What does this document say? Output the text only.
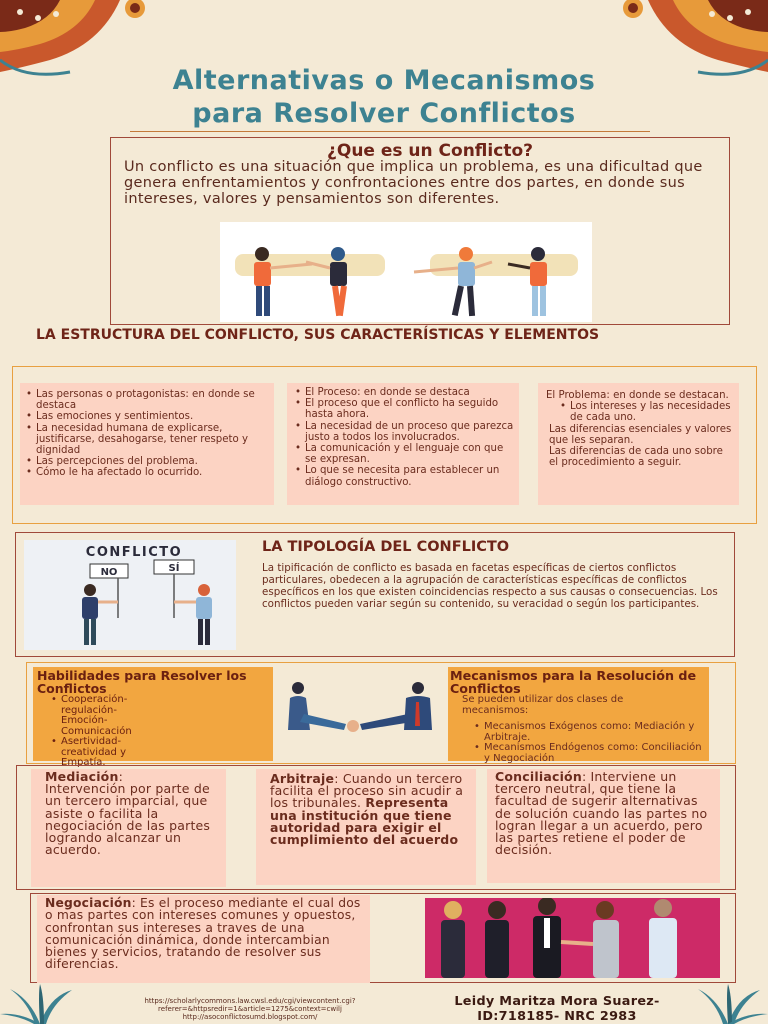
Alternativas o Mecanismos
para Resolver Conflictos
¿Que es un Conflicto?
Un conflicto es una situación que implica un problema, es una dificultad que genera enfrentamientos y confrontaciones entre dos partes, en donde sus intereses, valores y pensamientos son diferentes.
LA ESTRUCTURA DEL CONFLICTO, SUS CARACTERÍSTICAS Y ELEMENTOS
• Las personas o protagonistas: en donde se destaca
• Las emociones y sentimientos.
• La necesidad humana de explicarse, justificarse, desahogarse, tener respeto y dignidad
• Las percepciones del problema.
• Cómo le ha afectado lo ocurrido.
• El Proceso: en donde se destaca
• El proceso que el conflicto ha seguido hasta ahora.
• La necesidad de un proceso que parezca justo a todos los involucrados.
• La comunicación y el lenguaje con que se expresan.
• Lo que se necesita para establecer un diálogo constructivo.
El Problema: en donde se destacan.
• Los intereses y las necesidades de cada uno.
Las diferencias esenciales y valores que les separan.
Las diferencias de cada uno sobre el procedimiento a seguir.
CONFLICTO
NO	SÍ
LA TIPOLOGÍA DEL CONFLICTO
La tipificación de conflicto es basada en facetas específicas de ciertos conflictos particulares, obedecen a la agrupación de características específicas de conflictos específicos en los que existen coincidencias respecto a sus causas o consecuencias. Los conflictos pueden variar según su contenido, su veracidad o según los participantes.
Habilidades para Resolver los Conflictos
• Cooperación- regulación- Emoción- Comunicación
• Asertividad- creatividad y Empatía.
Mecanismos para la Resolución de Conflictos
Se pueden utilizar dos clases de mecanismos:
• Mecanismos Exógenos como: Mediación y Arbitraje.
• Mecanismos Endógenos como: Conciliación y Negociación
Mediación:
Intervención por parte de un tercero imparcial, que asiste o facilita la negociación de las partes logrando alcanzar un acuerdo.
Arbitraje: Cuando un tercero facilita el proceso sin acudir a los tribunales. Representa una institución que tiene autoridad para exigir el cumplimiento del acuerdo
Conciliación: Interviene un tercero neutral, que tiene la facultad de sugerir alternativas de solución cuando las partes no logran llegar a un acuerdo, pero las partes retiene el poder de decisión.
Negociación: Es el proceso mediante el cual dos o mas partes con intereses comunes y opuestos, confrontan sus intereses a traves de una comunicación dinámica, donde intercambian bienes y servicios, tratando de resolver sus diferencias.
https://scholarlycommons.law.cwsl.edu/cgi/viewcontent.cgi?
referer=&httpsredir=1&article=1275&context=cwilj
http://asoconflictosumd.blogspot.com/
Leidy Maritza Mora Suarez-
ID:718185- NRC 2983
